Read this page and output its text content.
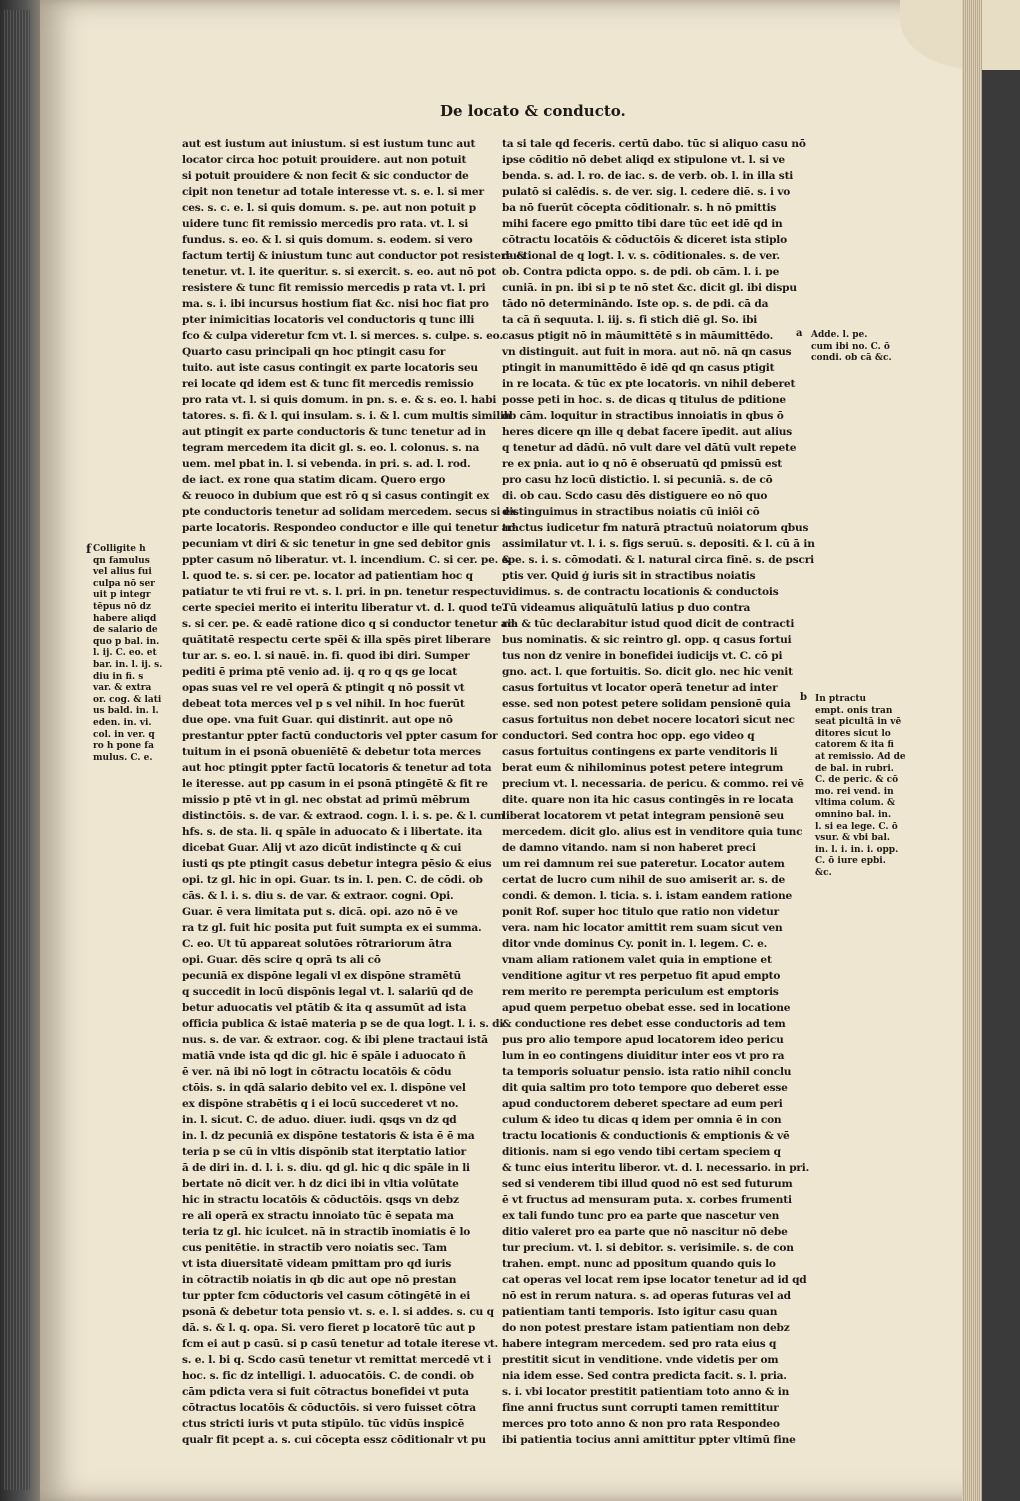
De locato & conducto.

aut est iustum aut iniustum. si est iustum tunc aut

locator circa hoc potuit prouidere. aut non potuit

si potuit prouidere & non fecit & sic conductor de

cipit non tenetur ad totale interesse vt. s. e. l. si mer

ces. s. c. e. l. si quis domum. s. pe. aut non potuit p

uidere tunc fit remissio mercedis pro rata. vt. l. si

fundus. s. eo. & l. si quis domum. s. eodem. si vero

factum tertij & iniustum tunc aut conductor pot resistere &

tenetur. vt. l. ite queritur. s. si exercit. s. eo. aut nō pot

resistere & tunc fit remissio mercedis p rata vt. l. pri

ma. s. i. ibi incursus hostium fiat &c. nisi hoc fiat pro

pter inimicitias locatoris vel conductoris q tunc illi

fco & culpa videretur fcm vt. l. si merces. s. culpe. s. eo.

Quarto casu principali qn hoc ptingit casu for

tuito. aut iste casus contingit ex parte locatoris seu

rei locate qd idem est & tunc fit mercedis remissio

pro rata vt. l. si quis domum. in pn. s. e. & s. eo. l. habi

tatores. s. fi. & l. qui insulam. s. i. & l. cum multis similib

aut ptingit ex parte conductoris & tunc tenetur ad in

tegram mercedem ita dicit gl. s. eo. l. colonus. s. na

uem. mel pbat in. l. si vebenda. in pri. s. ad. l. rod.

de iact. ex rone qua statim dicam. Quero ergo

& reuoco in dubium que est rō q si casus contingit ex

pte conductoris tenetur ad solidam mercedem. secus si ex

parte locatoris. Respondeo conductor e ille qui tenetur ad

pecuniam vt diri & sic tenetur in gne sed debitor gnis

ppter casum nō liberatur. vt. l. incendium. C. si cer. pe. &

l. quod te. s. si cer. pe. locator ad patientiam hoc q

patiatur te vti frui re vt. s. l. pri. in pn. tenetur respectu

certe speciei merito ei interitu liberatur vt. d. l. quod te.

s. si cer. pe. & eadē ratione dico q si conductor tenetur ad

quātitatē respectu certe spēi & illa spēs piret liberare

tur ar. s. eo. l. si nauē. in. fi. quod ibi diri. Sumper

pediti ē prima ptē venio ad. ij. q ro q qs ge locat

opas suas vel re vel operā & ptingit q nō possit vt

debeat tota merces vel p s vel nihil. In hoc fuerūt

due ope. vna fuit Guar. qui distinrit. aut ope nō

prestantur ppter factū conductoris vel ppter casum for

tuitum in ei psonā obueniētē & debetur tota merces

aut hoc ptingit ppter factū locatoris & tenetur ad tota

le iteresse. aut pp casum in ei psonā ptingētē & fit re

missio p ptē vt in gl. nec obstat ad primū mēbrum

distinctōis. s. de var. & extraod. cogn. l. i. s. pe. & l. cum

hfs. s. de sta. li. q spāle in aduocato & i libertate. ita

dicebat Guar. Alij vt azo dicūt indistincte q & cui

iusti qs pte ptingit casus debetur integra pēsio & eius

opi. tz gl. hic in opi. Guar. ts in. l. pen. C. de cōdi. ob

cās. & l. i. s. diu s. de var. & extraor. cogni. Opi.

Guar. ē vera limitata put s. dicā. opi. azo nō ē ve

ra tz gl. fuit hic posita put fuit sumpta ex ei summa.

C. eo. Ut tū appareat solutōes rōtrariorum ātra

opi. Guar. dēs scire q oprā ts ali cō

pecuniā ex dispōne legali vl ex dispōne stramētū

q succedit in locū dispōnis legal vt. l. salariū qd de

betur aduocatis vel ptātib & ita q assumūt ad ista

officia publica & istaē materia p se de qua logt. l. i. s. di

nus. s. de var. & extraor. cog. & ibi plene tractaui istā

matiā vnde ista qd dic gl. hic ē spāle i aduocato ñ

ē ver. nā ibi nō logt in cōtractu locatōis & cōdu

ctōis. s. in qdā salario debito vel ex. l. dispōne vel

ex dispōne strabētis q i ei locū succederet vt no.

in. l. sicut. C. de aduo. diuer. iudi. qsqs vn dz qd

in. l. dz pecuniā ex dispōne testatoris & ista ē ē ma

teria p se cū in vltis dispōnib stat iterptatio latior

ā de diri in. d. l. i. s. diu. qd gl. hic q dic spāle in li

bertate nō dicit ver. h dz dici ibi in vltia volūtate

hic in stractu locatōis & cōductōis. qsqs vn debz

re ali operā ex stractu innoiato tūc ē sepata ma

teria tz gl. hic iculcet. nā in stractib īnomiatis ē lo

cus penitētie. in stractib vero noiatis sec. Tam

vt ista diuersitatē videam pmittam pro qd iuris

in cōtractib noiatis in qb dic aut ope nō prestan

tur ppter fcm cōductoris vel casum cōtingētē in ei

psonā & debetur tota pensio vt. s. e. l. si addes. s. cu q

dā. s. & l. q. opa. Si. vero fieret p locatorē tūc aut p

fcm ei aut p casū. si p casū tenetur ad totale iterese vt.

s. e. l. bi q. Scdo casū tenetur vt remittat mercedē vt i

hoc. s. fic dz intelligi. l. aduocatōis. C. de condi. ob

cām pdicta vera si fuit cōtractus bonefidei vt puta

cōtractus locatōis & cōductōis. si vero fuisset cōtra

ctus stricti iuris vt puta stipūlo. tūc vidūs inspicē

qualr fit pcept a. s. cui cōcepta essz cōditionalr vt pu

ta si tale qd feceris. certū dabo. tūc si aliquo casu nō

ipse cōditio nō debet aliqd ex stipulone vt. l. si ve

benda. s. ad. l. ro. de iac. s. de verb. ob. l. in illa sti

pulatō si calēdis. s. de ver. sig. l. cedere diē. s. i vo

ba nō fuerūt cōcepta cōditionalr. s. h nō pmittis

mihi facere ego pmitto tibi dare tūc eet idē qd in

cōtractu locatōis & cōductōis & diceret ista stiplo

ductional de q logt. l. v. s. cōditionales. s. de ver.

ob. Contra pdicta oppo. s. de pdi. ob cām. l. i. pe

cuniā. in pn. ibi si p te nō stet &c. dicit gl. ibi dispu

tādo nō determināndo. Iste op. s. de pdi. cā da

ta cā ñ sequuta. l. iij. s. fi stich diē gl. So. ibi

casus ptigit nō in māumittētē s in māumittēdo.

vn distinguit. aut fuit in mora. aut nō. nā qn casus

ptingit in manumittēdo ē idē qd qn casus ptigit

in re locata. & tūc ex pte locatoris. vn nihil deberet

posse peti in hoc. s. de dicas q titulus de pditione

ob cām. loquitur in stractibus innoiatis in qbus ō

heres dicere qn ille q debat facere īpedit. aut alius

q tenetur ad dādū. nō vult dare vel dātū vult repete

re ex pnia. aut io q nō ē obseruatū qd pmissū est

pro casu hz locū distictio. l. si pecuniā. s. de cō

di. ob cau. Scdo casu dēs distiguere eo nō quo

distinguimus in stractibus noiatis cū iniōi cō

tractus iudicetur fm naturā ptractuū noiatorum qbus

assimilatur vt. l. i. s. figs seruū. s. depositi. & l. cū ā in

spe. s. i. s. cōmodati. & l. natural circa finē. s. de pscri

ptis ver. Quid ģ iuris sit in stractibus noiatis

vidimus. s. de contractu locationis & conductois

Tū videamus aliquātulū latius p duo contra

ria & tūc declarabitur istud quod dicit de contracti

bus nominatis. & sic reintro gl. opp. q casus fortui

tus non dz venire in bonefidei iudicijs vt. C. cō pi

gno. act. l. que fortuitis. So. dicit glo. nec hic venit

casus fortuitus vt locator operā tenetur ad inter

esse. sed non potest petere solidam pensionē quia

casus fortuitus non debet nocere locatori sicut nec

conductori. Sed contra hoc opp. ego video q

casus fortuitus contingens ex parte venditoris li

berat eum & nihilominus potest petere integrum

precium vt. l. necessaria. de pericu. & commo. rei vē

dite. quare non ita hic casus contingēs in re locata

liberat locatorem vt petat integram pensionē seu

mercedem. dicit glo. alius est in venditore quia tunc

de damno vitando. nam si non haberet preci

um rei damnum rei sue pateretur. Locator autem

certat de lucro cum nihil de suo amiserit ar. s. de

condi. & demon. l. ticia. s. i. istam eandem ratione

ponit Rof. super hoc titulo que ratio non videtur

vera. nam hic locator amittit rem suam sicut ven

ditor vnde dominus Cy. ponit in. l. legem. C. e.

vnam aliam rationem valet quia in emptione et

venditione agitur vt res perpetuo fit apud empto

rem merito re perempta periculum est emptoris

apud quem perpetuo obebat esse. sed in locatione

& conductione res debet esse conductoris ad tem

pus pro alio tempore apud locatorem ideo pericu

lum in eo contingens diuiditur inter eos vt pro ra

ta temporis soluatur pensio. ista ratio nihil conclu

dit quia saltim pro toto tempore quo deberet esse

apud conductorem deberet spectare ad eum peri

culum & ideo tu dicas q idem per omnia ē in con

tractu locationis & conductionis & emptionis & vē

ditionis. nam si ego vendo tibi certam speciem q

& tunc eius interitu liberor. vt. d. l. necessario. in pri.

sed si venderem tibi illud quod nō est sed futurum

ē vt fructus ad mensuram puta. x. corbes frumenti

ex tali fundo tunc pro ea parte que nascetur ven

ditio valeret pro ea parte que nō nascitur nō debe

tur precium. vt. l. si debitor. s. verisimile. s. de con

trahen. empt. nunc ad ppositum quando quis lo

cat operas vel locat rem ipse locator tenetur ad id qd

nō est in rerum natura. s. ad operas futuras vel ad

patientiam tanti temporis. Isto igitur casu quan

do non potest prestare istam patientiam non debz

habere integram mercedem. sed pro rata eius q

prestitit sicut in venditione. vnde videtis per om

nia idem esse. Sed contra predicta facit. s. l. pria.

s. i. vbi locator prestitit patientiam toto anno & in

fine anni fructus sunt corrupti tamen remittitur

merces pro toto anno & non pro rata Respondeo

ibi patientia tocius anni amittitur ppter vltimū fine

f Colligite h

qn famulus

vel alius fui

culpa nō ser

uit p integr

tēpus nō dz

habere aliqd

de salario de

quo p bal. in.

l. ij. C. eo. et

bar. in. l. ij. s.

diu in fi. s

var. & extra

or. cog. & lati

us bald. in. l.

eden. in. vi.

col. in ver. q

ro h pone fa

mulus. C. e.

a Adde. l. pe.

cum ibi no. C. ō

condi. ob cā &c.

b In ptractu

empt. onis tran

seat picultā in vē

ditores sicut lo

catorem & ita fi

at remissio. Ad de

de bal. in rubri.

C. de peric. & cō

mo. rei vend. in

vltima colum. &

omnino bal. in.

l. si ea lege. C. ō

vsur. & vbi bal.

in. l. i. in. i. opp.

C. ō iure epbi.

&c.
